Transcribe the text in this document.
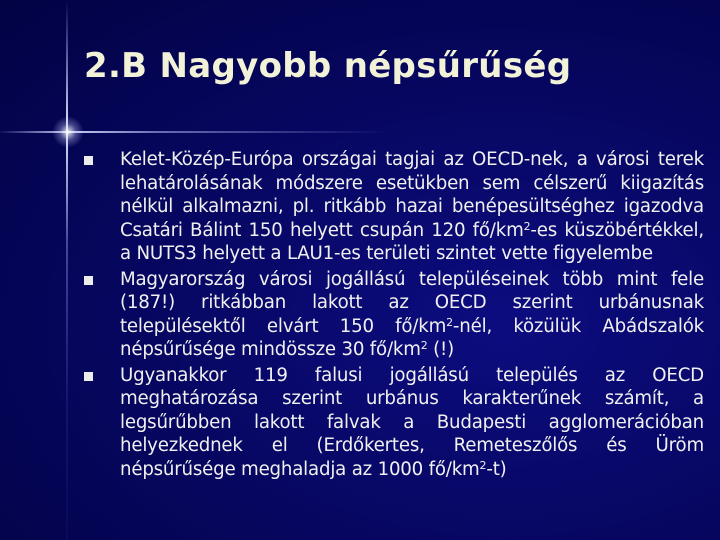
2.B Nagyobb népsűrűség
Kelet-Közép-Európa országai tagjai az OECD-nek, a városi terek lehatárolásának módszere esetükben sem célszerű kiigazítás nélkül alkalmazni, pl. ritkább hazai benépesültséghez igazodva Csatári Bálint 150 helyett csupán 120 $fő/km^2-es$ küszöbértékkel, a NUTS3 helyett a LAU1-es területi szintet vette figyelembe
Magyarország városi jogállású településeinek több mint fele (187!) ritkábban lakott az OECD szerint urbánusnak településektől elvárt 150 $fő/km^2$-nél, közülük Abádszalók népsűrűsége mindössze 30 $fő/km^2$ (!)
Ugyanakkor 119 falusi jogállású település az OECD meghatározása szerint urbánus karakterűnek számít, a legsűrűbben lakott falvak a Budapesti agglomerációban helyezkednek el (Erdőkertes, Remeteszőlős és Üröm népsűrűsége meghaladja az 1000 $fő/km^2-t$)
